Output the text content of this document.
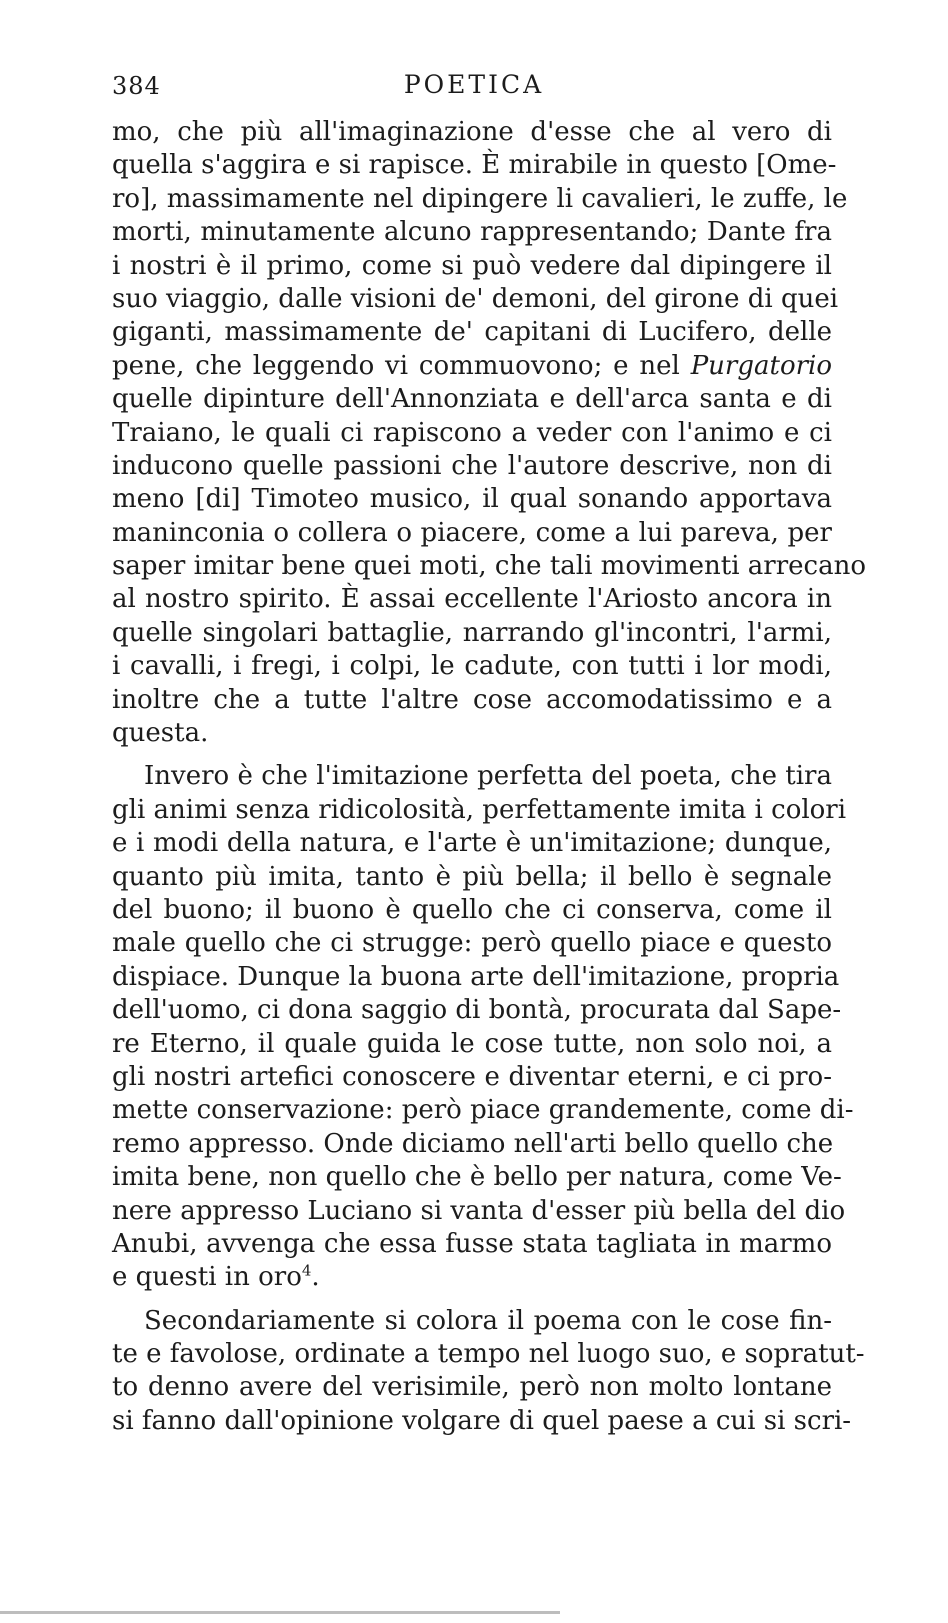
384	POETICA
mo, che più all'imaginazione d'esse che al vero di
quella s'aggira e si rapisce. È mirabile in questo [Ome‑
ro], massimamente nel dipingere li cavalieri, le zuffe, le
morti, minutamente alcuno rappresentando; Dante fra
i nostri è il primo, come si può vedere dal dipingere il
suo viaggio, dalle visioni de' demoni, del girone di quei
giganti, massimamente de' capitani di Lucifero, delle
pene, che leggendo vi commuovono; e nel Purgatorio
quelle dipinture dell'Annonziata e dell'arca santa e di
Traiano, le quali ci rapiscono a veder con l'animo e ci
inducono quelle passioni che l'autore descrive, non di
meno [di] Timoteo musico, il qual sonando apportava
maninconia o collera o piacere, come a lui pareva, per
saper imitar bene quei moti, che tali movimenti arrecano
al nostro spirito. È assai eccellente l'Ariosto ancora in
quelle singolari battaglie, narrando gl'incontri, l'armi,
i cavalli, i fregi, i colpi, le cadute, con tutti i lor modi,
inoltre che a tutte l'altre cose accomodatissimo e a
questa.
Invero è che l'imitazione perfetta del poeta, che tira
gli animi senza ridicolosità, perfettamente imita i colori
e i modi della natura, e l'arte è un'imitazione; dunque,
quanto più imita, tanto è più bella; il bello è segnale
del buono; il buono è quello che ci conserva, come il
male quello che ci strugge: però quello piace e questo
dispiace. Dunque la buona arte dell'imitazione, propria
dell'uomo, ci dona saggio di bontà, procurata dal Sape‑
re Eterno, il quale guida le cose tutte, non solo noi, a
gli nostri artefici conoscere e diventar eterni, e ci pro‑
mette conservazione: però piace grandemente, come di‑
remo appresso. Onde diciamo nell'arti bello quello che
imita bene, non quello che è bello per natura, come Ve‑
nere appresso Luciano si vanta d'esser più bella del dio
Anubi, avvenga che essa fusse stata tagliata in marmo
e questi in oro$^4$.
Secondariamente si colora il poema con le cose fin‑
te e favolose, ordinate a tempo nel luogo suo, e sopratut‑
to denno avere del verisimile, però non molto lontane
si fanno dall'opinione volgare di quel paese a cui si scri‑
